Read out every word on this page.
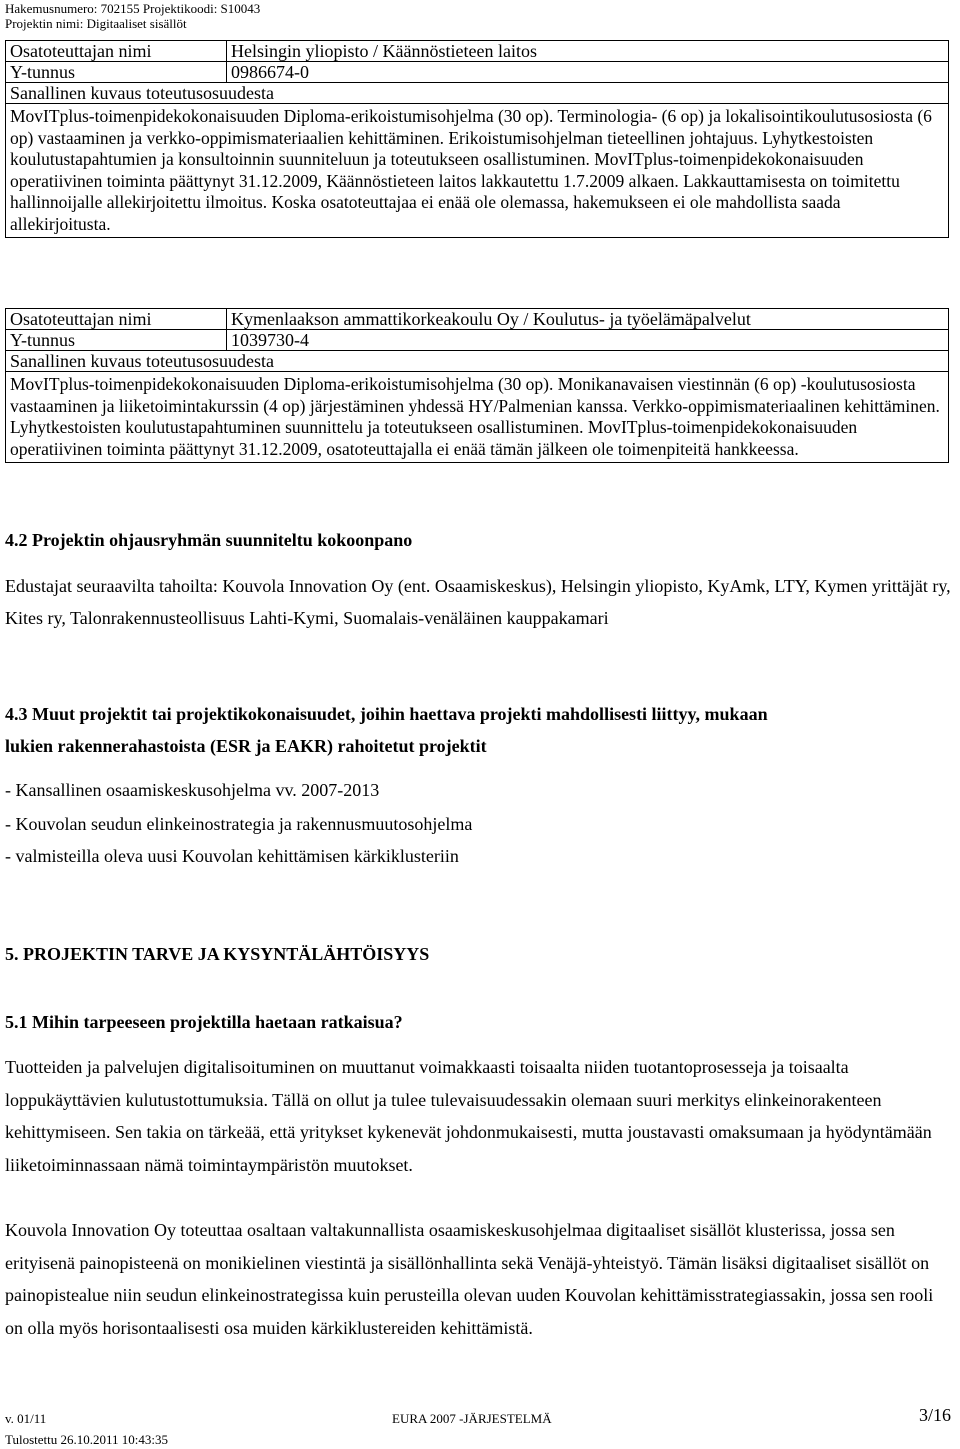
Hakemusnumero: 702155 Projektikoodi: S10043
Projektin nimi: Digitaaliset sisällöt
Osatoteuttajan nimi	Helsingin yliopisto / Käännöstieteen laitos
Y-tunnus	0986674-0
Sanallinen kuvaus toteutusosuudesta	
MovITplus-toimenpidekokonaisuuden Diploma-erikoistumisohjelma (30 op). Terminologia- (6 op) ja lokalisointikoulutusosiosta (6 op) vastaaminen ja verkko-oppimismateriaalien kehittäminen. Erikoistumisohjelman tieteellinen johtajuus. Lyhytkestoisten koulutustapahtumien ja konsultoinnin suunniteluun ja toteutukseen osallistuminen. MovITplus-toimenpidekokonaisuuden operatiivinen toiminta päättynyt 31.12.2009, Käännöstieteen laitos lakkautettu 1.7.2009 alkaen. Lakkauttamisesta on toimitettu hallinnoijalle allekirjoitettu ilmoitus. Koska osatoteuttajaa ei enää ole olemassa, hakemukseen ei ole mahdollista saada allekirjoitusta.	
Osatoteuttajan nimi	Kymenlaakson ammattikorkeakoulu Oy / Koulutus- ja työelämäpalvelut
Y-tunnus	1039730-4
Sanallinen kuvaus toteutusosuudesta	
MovITplus-toimenpidekokonaisuuden Diploma-erikoistumisohjelma (30 op). Monikanavaisen viestinnän (6 op) -koulutusosiosta vastaaminen ja liiketoimintakurssin (4 op) järjestäminen yhdessä HY/Palmenian kanssa. Verkko-oppimismateriaalinen kehittäminen. Lyhytkestoisten koulutustapahtuminen suunnittelu ja toteutukseen osallistuminen. MovITplus-toimenpidekokonaisuuden operatiivinen toiminta päättynyt 31.12.2009, osatoteuttajalla ei enää tämän jälkeen ole toimenpiteitä hankkeessa.	
4.2 Projektin ohjausryhmän suunniteltu kokoonpano
Edustajat seuraavilta tahoilta: Kouvola Innovation Oy (ent. Osaamiskeskus), Helsingin yliopisto, KyAmk, LTY, Kymen yrittäjät ry, Kites ry, Talonrakennusteollisuus Lahti-Kymi, Suomalais-venäläinen kauppakamari
4.3 Muut projektit tai projektikokonaisuudet, joihin haettava projekti mahdollisesti liittyy, mukaan
lukien rakennerahastoista (ESR ja EAKR) rahoitetut projektit
- Kansallinen osaamiskeskusohjelma vv. 2007-2013
- Kouvolan seudun elinkeinostrategia ja rakennusmuutosohjelma
- valmisteilla oleva uusi Kouvolan kehittämisen kärkiklusteriin
5. PROJEKTIN TARVE JA KYSYNTÄLÄHTÖISYYS
5.1 Mihin tarpeeseen projektilla haetaan ratkaisua?
Tuotteiden ja palvelujen digitalisoituminen on muuttanut voimakkaasti toisaalta niiden tuotantoprosesseja ja toisaalta loppukäyttävien kulutustottumuksia. Tällä on ollut ja tulee tulevaisuudessakin olemaan suuri merkitys elinkeinorakenteen kehittymiseen. Sen takia on tärkeää, että yritykset kykenevät johdonmukaisesti, mutta joustavasti omaksumaan ja hyödyntämään liiketoiminnassaan nämä toimintaympäristön muutokset.
Kouvola Innovation Oy toteuttaa osaltaan valtakunnallista osaamiskeskusohjelmaa digitaaliset sisällöt klusterissa, jossa sen erityisenä painopisteenä on monikielinen viestintä ja sisällönhallinta sekä Venäjä-yhteistyö. Tämän lisäksi digitaaliset sisällöt on painopistealue niin seudun elinkeinostrategissa kuin perusteilla olevan uuden Kouvolan kehittämisstrategiassakin, jossa sen rooli on olla myös horisontaalisesti osa muiden kärkiklustereiden kehittämistä.
v. 01/11	EURA 2007 -JÄRJESTELMÄ	3/16
Tulostettu 26.10.2011 10:43:35
